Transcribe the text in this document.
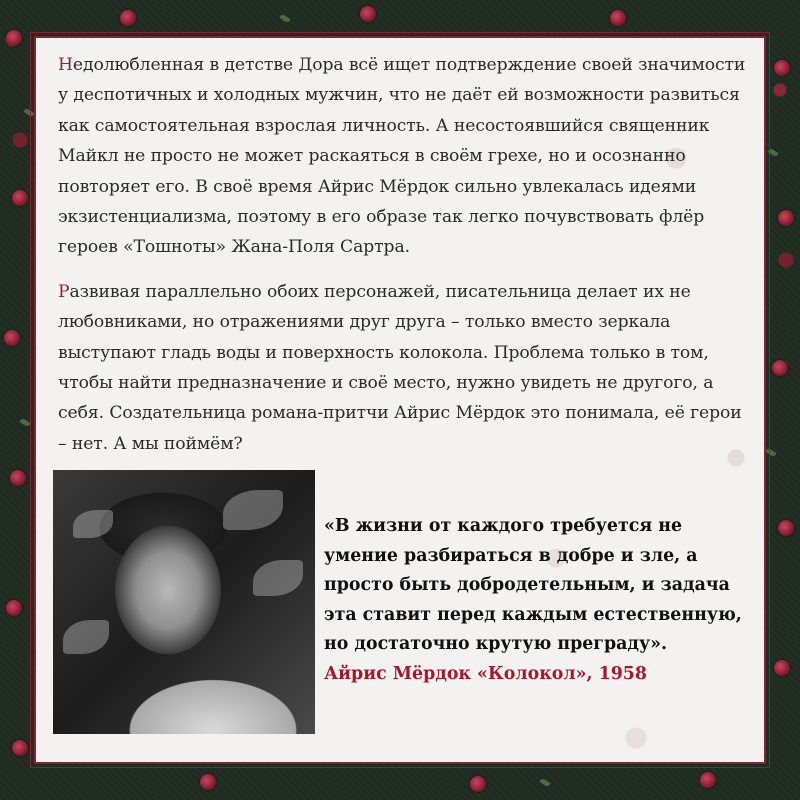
Недолюбленная в детстве Дора всё ищет подтверждение своей значимости у деспотичных и холодных мужчин, что не даёт ей возможности развиться как самостоятельная взрослая личность. А несостоявшийся священник Майкл не просто не может раскаяться в своём грехе, но и осознанно повторяет его. В своё время Айрис Мёрдок сильно увлекалась идеями экзистенциализма, поэтому в его образе так легко почувствовать флёр героев «Тошноты» Жана-Поля Сартра.

Развивая параллельно обоих персонажей, писательница делает их не любовниками, но отражениями друг друга – только вместо зеркала выступают гладь воды и поверхность колокола. Проблема только в том, чтобы найти предназначение и своё место, нужно увидеть не другого, а себя. Создательница романа-притчи Айрис Мёрдок это понимала, её герои – нет. А мы поймём?

«В жизни от каждого требуется не умение разбираться в добре и зле, а просто быть добродетельным, и задача эта ставит перед каждым естественную, но достаточно крутую преграду».
Айрис Мёрдок «Колокол», 1958
